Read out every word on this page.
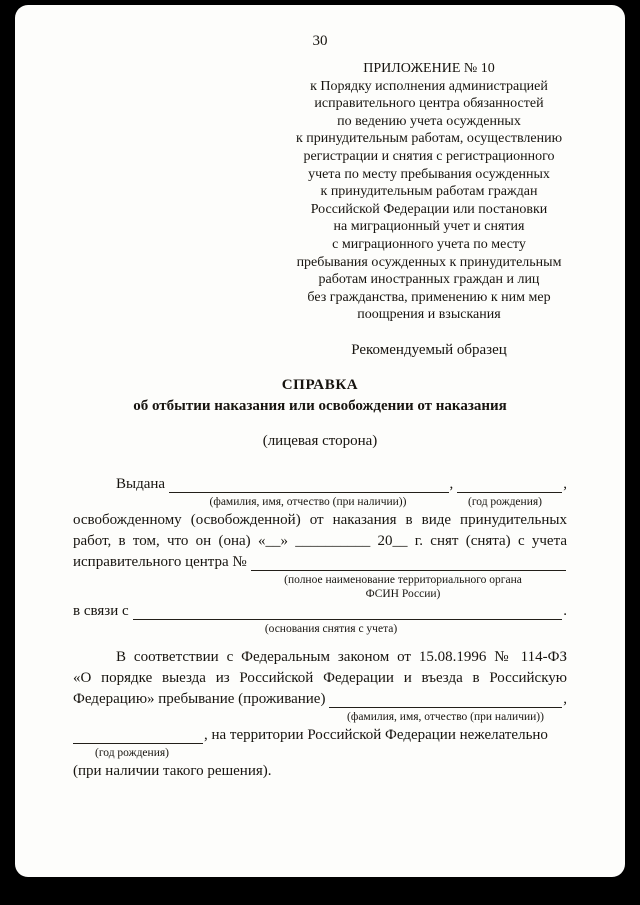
30
ПРИЛОЖЕНИЕ № 10
к Порядку исполнения администрацией
исправительного центра обязанностей
по ведению учета осужденных
к принудительным работам, осуществлению
регистрации и снятия с регистрационного
учета по месту пребывания осужденных
к принудительным работам граждан
Российской Федерации или постановки
на миграционный учет и снятия
с миграционного учета по месту
пребывания осужденных к принудительным
работам иностранных граждан и лиц
без гражданства, применению к ним мер
поощрения и взыскания
Рекомендуемый образец
СПРАВКА
об отбытии наказания или освобождении от наказания
(лицевая сторона)
Выдана	,	,
(фамилия, имя, отчество (при наличии))	(год рождения)
освобожденному (освобожденной) от наказания в виде принудительных
работ, в том, что он (она) «__» __________ 20__ г. снят (снята) с учета
исправительного центра №
(полное наименование территориального органа
ФСИН России)
в связи с	.
(основания снятия с учета)
В соответствии с Федеральным законом от 15.08.1996 № 114-ФЗ
«О порядке выезда из Российской Федерации и въезда в Российскую
Федерацию» пребывание (проживание)	,
(фамилия, имя, отчество (при наличии))
, на территории Российской Федерации нежелательно
(год рождения)
(при наличии такого решения).
